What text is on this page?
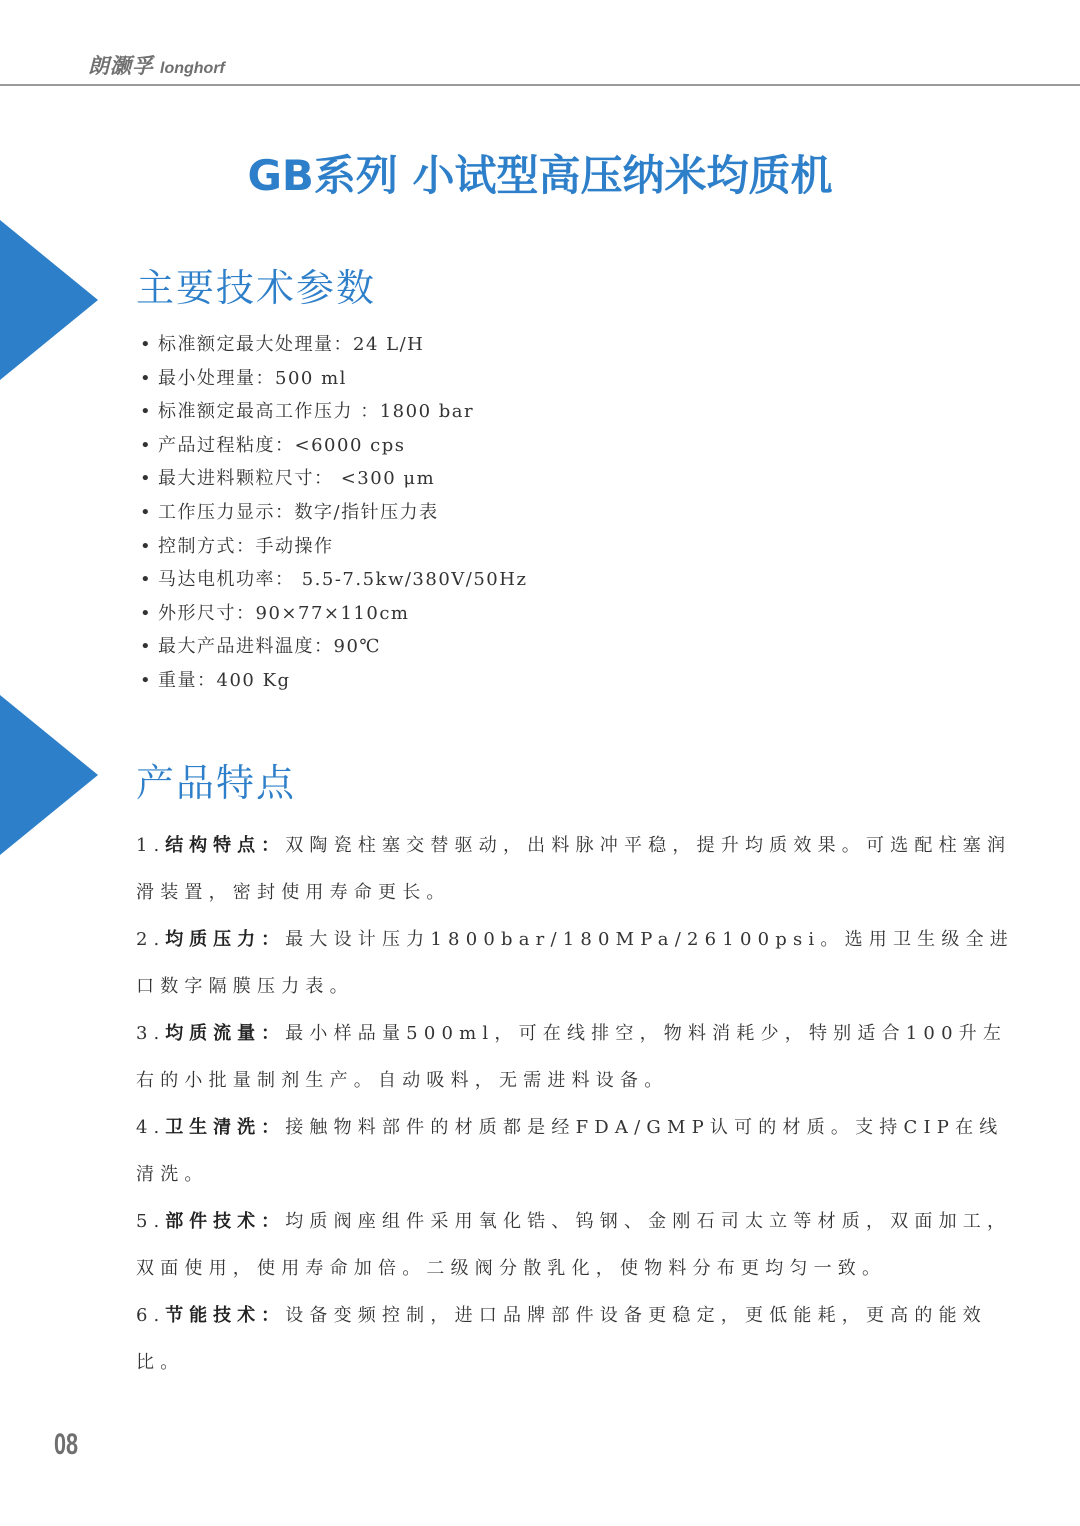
朗灏孚 longhorf
GB系列 小试型高压纳米均质机
主要技术参数
• 标准额定最大处理量：24 L/H
• 最小处理量：500 ml
• 标准额定最高工作压力 ：1800 bar
• 产品过程粘度：<6000 cps
• 最大进料颗粒尺寸： <300 μm
• 工作压力显示：数字/指针压力表
• 控制方式：手动操作
• 马达电机功率： 5.5-7.5kw/380V/50Hz
• 外形尺寸：90×77×110cm
• 最大产品进料温度：90℃
• 重量：400 Kg
产品特点
1.结构特点：双陶瓷柱塞交替驱动，出料脉冲平稳，提升均质效果。可选配柱塞润滑装置，密封使用寿命更长。
2.均质压力：最大设计压力1800bar/180MPa/26100psi。选用卫生级全进口数字隔膜压力表。
3.均质流量：最小样品量500ml，可在线排空，物料消耗少，特别适合100升左右的小批量制剂生产。自动吸料，无需进料设备。
4.卫生清洗：接触物料部件的材质都是经FDA/GMP认可的材质。支持CIP在线清洗。
5.部件技术：均质阀座组件采用氧化锆、钨钢、金刚石司太立等材质，双面加工，双面使用，使用寿命加倍。二级阀分散乳化，使物料分布更均匀一致。
6.节能技术：设备变频控制，进口品牌部件设备更稳定，更低能耗，更高的能效比。
08
